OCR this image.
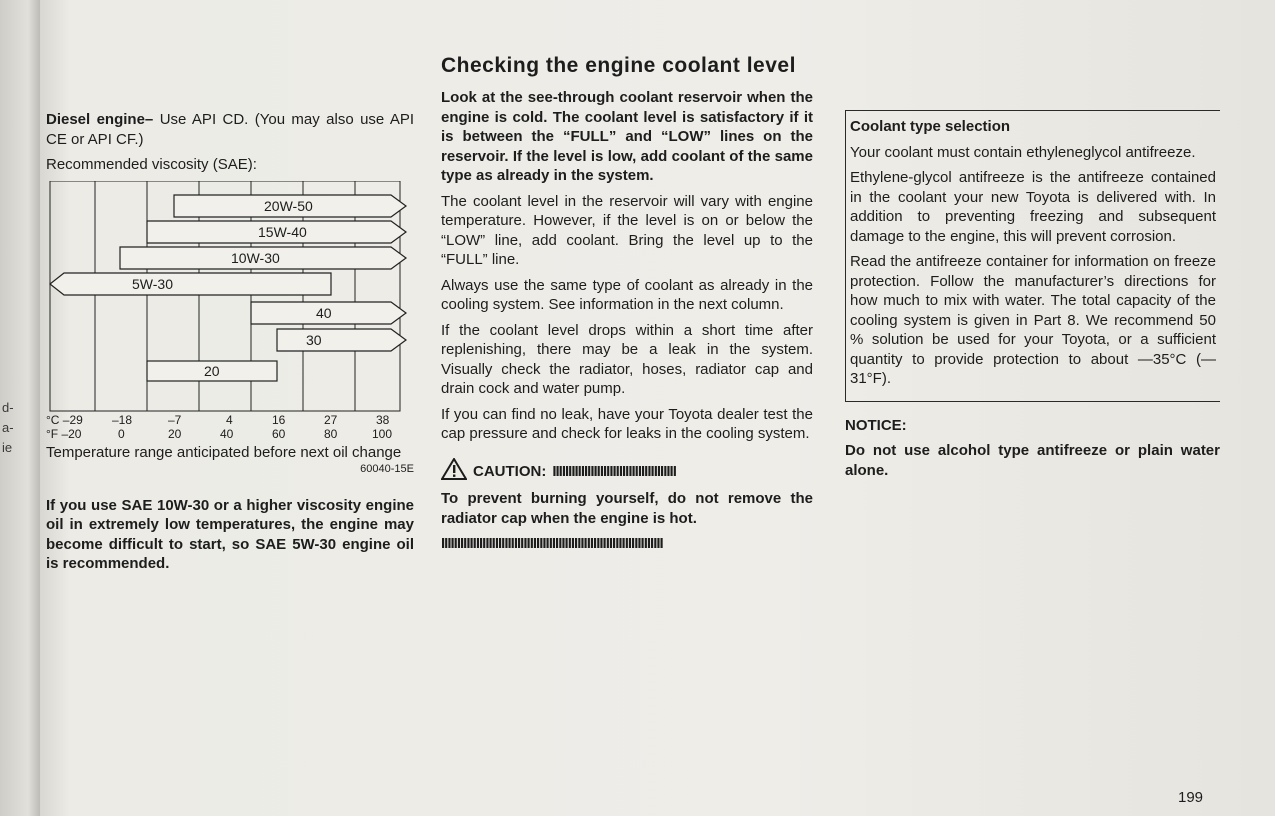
d-
a-
ie

Diesel engine– Use API CD. (You may also use API CE or API CF.)

Recommended viscosity (SAE):

20W-50
15W-40
10W-30
5W-30
40
30
20
°C –29 –18	–7	4	16	27	38
°F –20	0	20	40	60	80	100

Temperature range anticipated before next oil change

60040-15E

If you use SAE 10W-30 or a higher viscosity engine oil in extremely low temperatures, the engine may become difficult to start, so SAE 5W-30 engine oil is recommended.

Checking the engine coolant level

Look at the see-through coolant reservoir when the engine is cold. The coolant level is satisfactory if it is between the “FULL” and “LOW” lines on the reservoir. If the level is low, add coolant of the same type as already in the system.

The coolant level in the reservoir will vary with engine temperature. However, if the level is on or below the “LOW” line, add coolant. Bring the level up to the “FULL” line.

Always use the same type of coolant as already in the cooling system. See information in the next column.

If the coolant level drops within a short time after replenishing, there may be a leak in the system. Visually check the radiator, hoses, radiator cap and drain cock and water pump.

If you can find no leak, have your Toyota dealer test the cap pressure and check for leaks in the cooling system.

CAUTION: IIIIIIIIIIIIIIIIIIIIIIIIIIIIIIIIIIIIIII

To prevent burning yourself, do not remove the radiator cap when the engine is hot.

IIIIIIIIIIIIIIIIIIIIIIIIIIIIIIIIIIIIIIIIIIIIIIIIIIIIIIIIIIIIIIIIIIIIII
Coolant type selection

Your coolant must contain ethyleneglycol antifreeze.

Ethylene-glycol antifreeze is the antifreeze contained in the coolant your new Toyota is delivered with. In addition to preventing freezing and subsequent damage to the engine, this will prevent corrosion.

Read the antifreeze container for information on freeze protection. Follow the manufacturer’s directions for how much to mix with water. The total capacity of the cooling system is given in Part 8. We recommend 50 % solution be used for your Toyota, or a sufficient quantity to provide protection to about —35°C (—31°F).

NOTICE:

Do not use alcohol type antifreeze or plain water alone.

199
